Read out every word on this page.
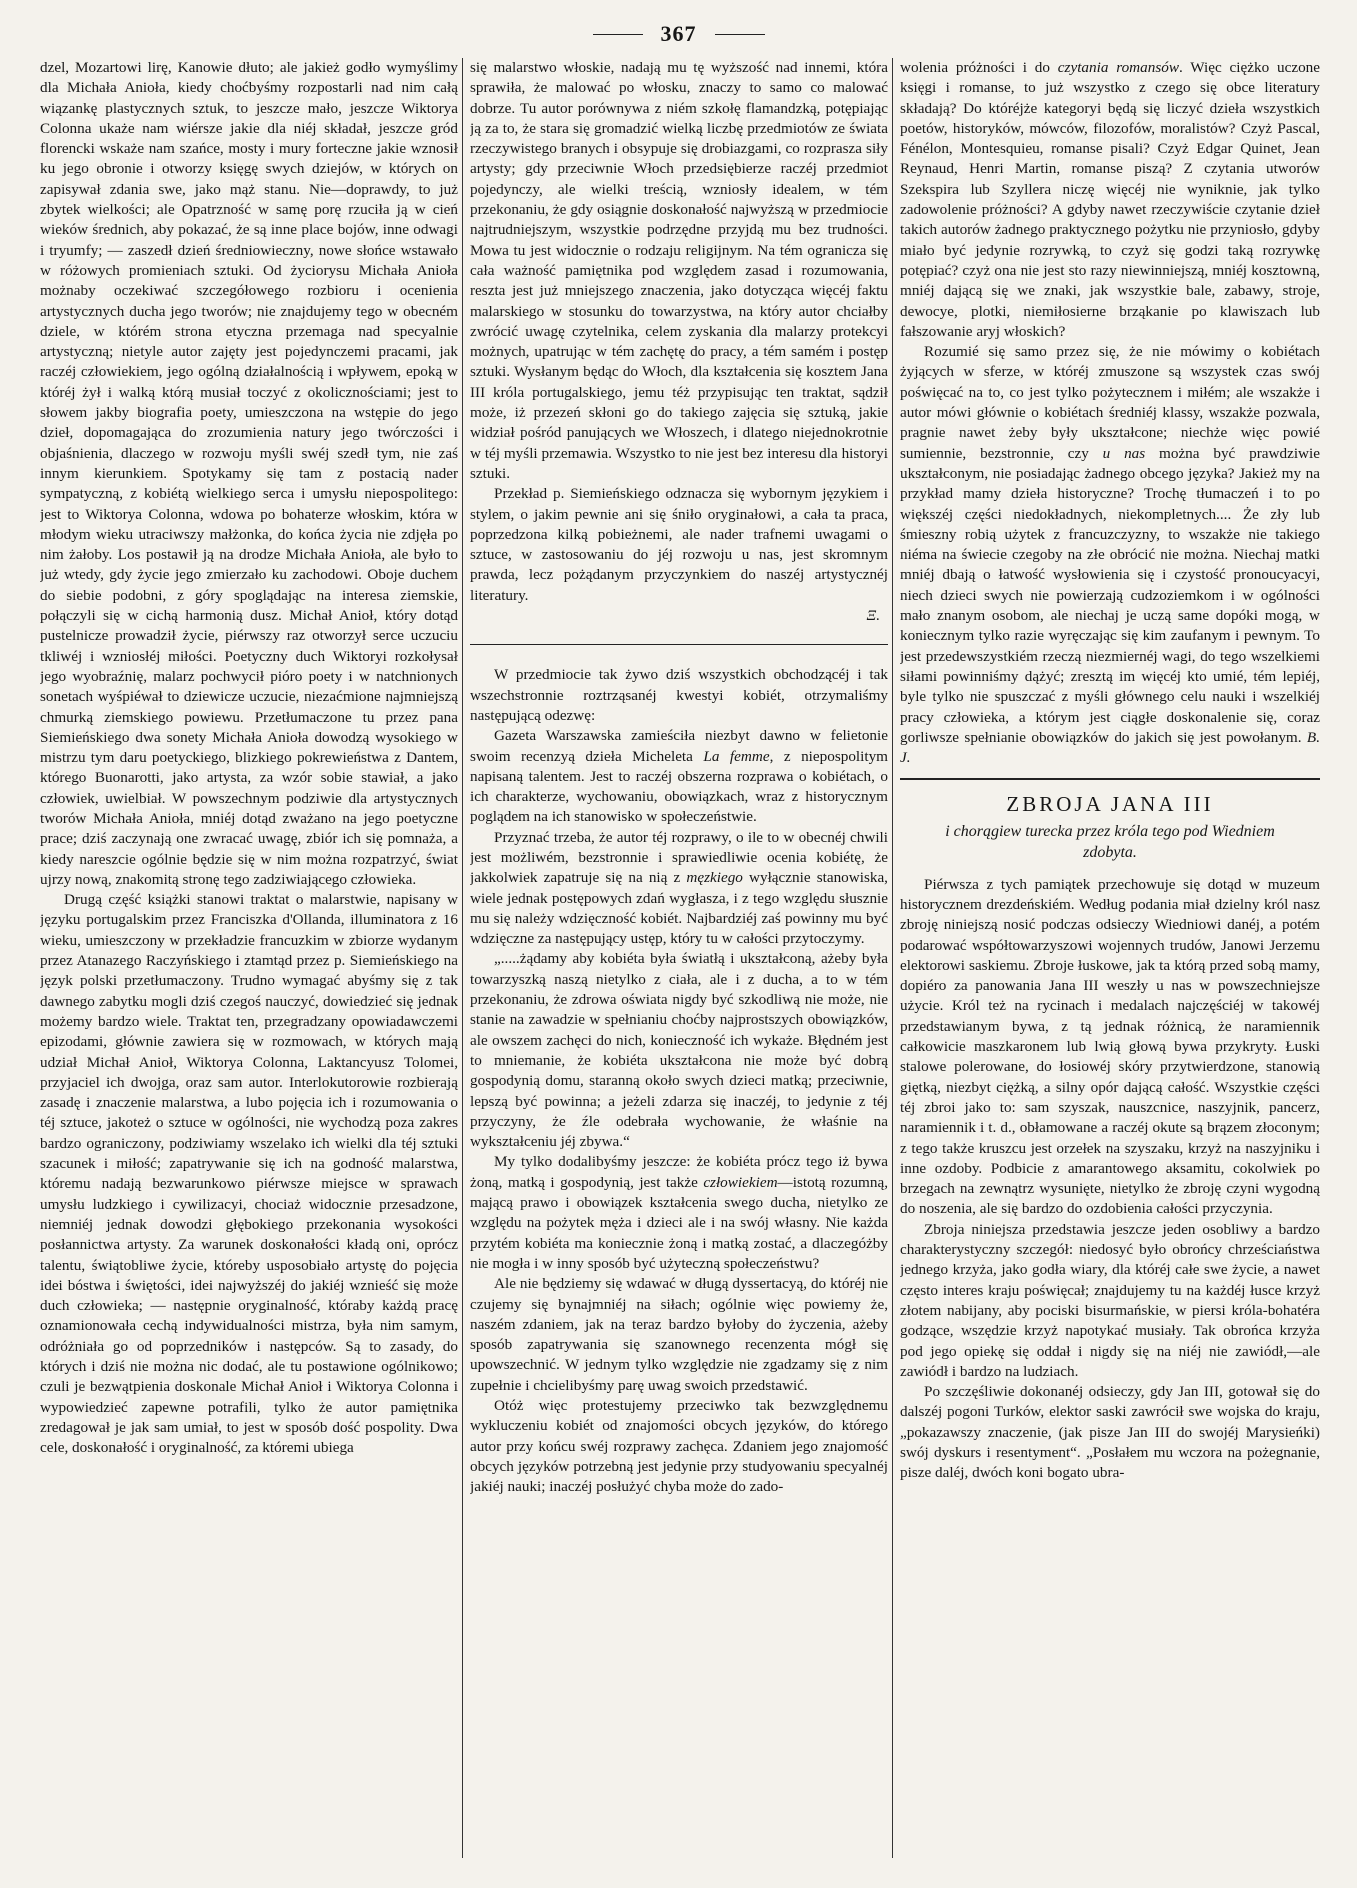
367

dzel, Mozartowi lirę, Kanowie dłuto; ale jakież godło wymyślimy dla Michała Anioła, kiedy choćbyśmy rozpostarli nad nim całą wiązankę plastycznych sztuk, to jeszcze mało, jeszcze Wiktorya Colonna ukaże nam wiérsze jakie dla niéj składał, jeszcze gród florencki wskaże nam szańce, mosty i mury forteczne jakie wznosił ku jego obronie i otworzy księgę swych dziejów, w których on zapisywał zdania swe, jako mąż stanu. Nie—doprawdy, to już zbytek wielkości; ale Opatrzność w samę porę rzuciła ją w cień wieków średnich, aby pokazać, że są inne place bojów, inne odwagi i tryumfy; — zaszedł dzień średniowieczny, nowe słońce wstawało w różowych promieniach sztuki. Od życiorysu Michała Anioła możnaby oczekiwać szczegółowego rozbioru i ocenienia artystycznych ducha jego tworów; nie znajdujemy tego w obecném dziele, w którém strona etyczna przemaga nad specyalnie artystyczną; nietyle autor zajęty jest pojedynczemi pracami, jak raczéj człowiekiem, jego ogólną działalnością i wpływem, epoką w któréj żył i walką którą musiał toczyć z okolicznościami; jest to słowem jakby biografia poety, umieszczona na wstępie do jego dzieł, dopomagająca do zrozumienia natury jego twórczości i objaśnienia, dlaczego w rozwoju myśli swéj szedł tym, nie zaś innym kierunkiem. Spotykamy się tam z postacią nader sympatyczną, z kobiétą wielkiego serca i umysłu niepospolitego: jest to Wiktorya Colonna, wdowa po bohaterze włoskim, która w młodym wieku utraciwszy małżonka, do końca życia nie zdjęła po nim żałoby. Los postawił ją na drodze Michała Anioła, ale było to już wtedy, gdy życie jego zmierzało ku zachodowi. Oboje duchem do siebie podobni, z góry spoglądając na interesa ziemskie, połączyli się w cichą harmonią dusz. Michał Anioł, który dotąd pustelnicze prowadził życie, piérwszy raz otworzył serce uczuciu tkliwéj i wzniosłéj miłości. Poetyczny duch Wiktoryi rozkołysał jego wyobraźnię, malarz pochwycił pióro poety i w natchnionych sonetach wyśpiéwał to dziewicze uczucie, niezaćmione najmniejszą chmurką ziemskiego powiewu. Przetłumaczone tu przez pana Siemieńskiego dwa sonety Michała Anioła dowodzą wysokiego w mistrzu tym daru poetyckiego, blizkiego pokrewieństwa z Dantem, którego Buonarotti, jako artysta, za wzór sobie stawiał, a jako człowiek, uwielbiał. W powszechnym podziwie dla artystycznych tworów Michała Anioła, mniéj dotąd zważano na jego poetyczne prace; dziś zaczynają one zwracać uwagę, zbiór ich się pomnaża, a kiedy nareszcie ogólnie będzie się w nim można rozpatrzyć, świat ujrzy nową, znakomitą stronę tego zadziwiającego człowieka.

Drugą część książki stanowi traktat o malarstwie, napisany w języku portugalskim przez Franciszka d'Ollanda, illuminatora z 16 wieku, umieszczony w przekładzie francuzkim w zbiorze wydanym przez Atanazego Raczyńskiego i ztamtąd przez p. Siemieńskiego na język polski przetłumaczony. Trudno wymagać abyśmy się z tak dawnego zabytku mogli dziś czegoś nauczyć, dowiedzieć się jednak możemy bardzo wiele. Traktat ten, przegradzany opowiadawczemi epizodami, głównie zawiera się w rozmowach, w których mają udział Michał Anioł, Wiktorya Colonna, Laktancyusz Tolomei, przyjaciel ich dwojga, oraz sam autor. Interlokutorowie rozbierają zasadę i znaczenie malarstwa, a lubo pojęcia ich i rozumowania o téj sztuce, jakoteż o sztuce w ogólności, nie wychodzą poza zakres bardzo ograniczony, podziwiamy wszelako ich wielki dla téj sztuki szacunek i miłość; zapatrywanie się ich na godność malarstwa, któremu nadają bezwarunkowo piérwsze miejsce w sprawach umysłu ludzkiego i cywilizacyi, chociaż widocznie przesadzone, niemniéj jednak dowodzi głębokiego przekonania wysokości posłannictwa artysty. Za warunek doskonałości kładą oni, oprócz talentu, świątobliwe życie, któreby usposobiało artystę do pojęcia idei bóstwa i świętości, idei najwyższéj do jakiéj wznieść się może duch człowieka; — następnie oryginalność, któraby każdą pracę oznamionowała cechą indywidualności mistrza, była nim samym, odróżniała go od poprzedników i następców. Są to zasady, do których i dziś nie można nic dodać, ale tu postawione ogólnikowo; czuli je bezwątpienia doskonale Michał Anioł i Wiktorya Colonna i wypowiedzieć zapewne potrafili, tylko że autor pamiętnika zredagował je jak sam umiał, to jest w sposób dość pospolity. Dwa cele, doskonałość i oryginalność, za któremi ubiega

się malarstwo włoskie, nadają mu tę wyższość nad innemi, która sprawiła, że malować po włosku, znaczy to samo co malować dobrze. Tu autor porównywa z niém szkołę flamandzką, potępiając ją za to, że stara się gromadzić wielką liczbę przedmiotów ze świata rzeczywistego branych i obsypuje się drobiazgami, co rozprasza siły artysty; gdy przeciwnie Włoch przedsiębierze raczéj przedmiot pojedynczy, ale wielki treścią, wzniosły idealem, w tém przekonaniu, że gdy osiągnie doskonałość najwyższą w przedmiocie najtrudniejszym, wszystkie podrzędne przyjdą mu bez trudności. Mowa tu jest widocznie o rodzaju religijnym. Na tém ogranicza się cała ważność pamiętnika pod względem zasad i rozumowania, reszta jest już mniejszego znaczenia, jako dotycząca więcéj faktu malarskiego w stosunku do towarzystwa, na który autor chciałby zwrócić uwagę czytelnika, celem zyskania dla malarzy protekcyi możnych, upatrując w tém zachętę do pracy, a tém samém i postęp sztuki. Wysłanym będąc do Włoch, dla kształcenia się kosztem Jana III króla portugalskiego, jemu téż przypisując ten traktat, sądził może, iż przezeń skłoni go do takiego zajęcia się sztuką, jakie widział pośród panujących we Włoszech, i dlatego niejednokrotnie w téj myśli przemawia. Wszystko to nie jest bez interesu dla historyi sztuki.

Przekład p. Siemieńskiego odznacza się wybornym językiem i stylem, o jakim pewnie ani się śniło oryginałowi, a cała ta praca, poprzedzona kilką pobieżnemi, ale nader trafnemi uwagami o sztuce, w zastosowaniu do jéj rozwoju u nas, jest skromnym prawda, lecz pożądanym przyczynkiem do naszéj artystycznéj literatury.

Ξ.

W przedmiocie tak żywo dziś wszystkich obchodzącéj i tak wszechstronnie roztrząsanéj kwestyi kobiét, otrzymaliśmy następującą odezwę:

Gazeta Warszawska zamieściła niezbyt dawno w felietonie swoim recenzyą dzieła Micheleta La femme, z niepospolitym napisaną talentem. Jest to raczéj obszerna rozprawa o kobiétach, o ich charakterze, wychowaniu, obowiązkach, wraz z historycznym poglądem na ich stanowisko w społeczeństwie.

Przyznać trzeba, że autor téj rozprawy, o ile to w obecnéj chwili jest możliwém, bezstronnie i sprawiedliwie ocenia kobiétę, że jakkolwiek zapatruje się na nią z męzkiego wyłącznie stanowiska, wiele jednak postępowych zdań wygłasza, i z tego względu słusznie mu się należy wdzięczność kobiét. Najbardziéj zaś powinny mu być wdzięczne za następujący ustęp, który tu w całości przytoczymy.

„.....żądamy aby kobiéta była światłą i ukształconą, ażeby była towarzyszką naszą nietylko z ciała, ale i z ducha, a to w tém przekonaniu, że zdrowa oświata nigdy być szkodliwą nie może, nie stanie na zawadzie w spełnianiu choćby najprostszych obowiązków, ale owszem zachęci do nich, konieczność ich wykaże. Błędném jest to mniemanie, że kobiéta ukształcona nie może być dobrą gospodynią domu, staranną około swych dzieci matką; przeciwnie, lepszą być powinna; a jeżeli zdarza się inaczéj, to jedynie z téj przyczyny, że źle odebrała wychowanie, że właśnie na wykształceniu jéj zbywa.“

My tylko dodalibyśmy jeszcze: że kobiéta prócz tego iż bywa żoną, matką i gospodynią, jest także człowiekiem—istotą rozumną, mającą prawo i obowiązek kształcenia swego ducha, nietylko ze względu na pożytek męża i dzieci ale i na swój własny. Nie każda przytém kobiéta ma koniecznie żoną i matką zostać, a dlaczegóżby nie mogła i w inny sposób być użyteczną społeczeństwu?

Ale nie będziemy się wdawać w długą dyssertacyą, do któréj nie czujemy się bynajmniéj na siłach; ogólnie więc powiemy że, naszém zdaniem, jak na teraz bardzo byłoby do życzenia, ażeby sposób zapatrywania się szanownego recenzenta mógł się upowszechnić. W jednym tylko względzie nie zgadzamy się z nim zupełnie i chcielibyśmy parę uwag swoich przedstawić.

Otóż więc protestujemy przeciwko tak bezwzględnemu wykluczeniu kobiét od znajomości obcych języków, do którego autor przy końcu swéj rozprawy zachęca. Zdaniem jego znajomość obcych języków potrzebną jest jedynie przy studyowaniu specyalnéj jakiéj nauki; inaczéj posłużyć chyba może do zado-

wolenia próżności i do czytania romansów. Więc ciężko uczone księgi i romanse, to już wszystko z czego się obce literatury składają? Do któréjże kategoryi będą się liczyć dzieła wszystkich poetów, historyków, mówców, filozofów, moralistów? Czyż Pascal, Fénélon, Montesquieu, romanse pisali? Czyż Edgar Quinet, Jean Reynaud, Henri Martin, romanse piszą? Z czytania utworów Szekspira lub Szyllera niczę więcéj nie wyniknie, jak tylko zadowolenie próżności? A gdyby nawet rzeczywiście czytanie dzieł takich autorów żadnego praktycznego pożytku nie przyniosło, gdyby miało być jedynie rozrywką, to czyż się godzi taką rozrywkę potępiać? czyż ona nie jest sto razy niewinniejszą, mniéj kosztowną, mniéj dającą się we znaki, jak wszystkie bale, zabawy, stroje, dewocye, plotki, niemiłosierne brząkanie po klawiszach lub fałszowanie aryj włoskich?

Rozumié się samo przez się, że nie mówimy o kobiétach żyjących w sferze, w któréj zmuszone są wszystek czas swój poświęcać na to, co jest tylko pożytecznem i miłém; ale wszakże i autor mówi głównie o kobiétach średniéj klassy, wszakże pozwala, pragnie nawet żeby były ukształcone; niechże więc powié sumiennie, bezstronnie, czy u nas można być prawdziwie ukształconym, nie posiadając żadnego obcego języka? Jakież my na przykład mamy dzieła historyczne? Trochę tłumaczeń i to po większéj części niedokładnych, niekompletnych.... Że zły lub śmieszny robią użytek z francuzczyzny, to wszakże nie takiego niéma na świecie czegoby na złe obrócić nie można. Niechaj matki mniéj dbają o łatwość wysłowienia się i czystość pronoucyacyi, niech dzieci swych nie powierzają cudzoziemkom i w ogólności mało znanym osobom, ale niechaj je uczą same dopóki mogą, w koniecznym tylko razie wyręczając się kim zaufanym i pewnym. To jest przedewszystkiém rzeczą niezmiernéj wagi, do tego wszelkiemi siłami powinniśmy dążyć; zresztą im więcéj kto umié, tém lepiéj, byle tylko nie spuszczać z myśli głównego celu nauki i wszelkiéj pracy człowieka, a którym jest ciągłe doskonalenie się, coraz gorliwsze spełnianie obowiązków do jakich się jest powołanym. B. J.

ZBROJA JANA III
i chorągiew turecka przez króla tego pod Wiedniem zdobyta.

Piérwsza z tych pamiątek przechowuje się dotąd w muzeum historycznem drezdeńskiém. Według podania miał dzielny król nasz zbroję niniejszą nosić podczas odsieczy Wiedniowi danéj, a potém podarować współtowarzyszowi wojennych trudów, Janowi Jerzemu elektorowi saskiemu. Zbroje łuskowe, jak ta którą przed sobą mamy, dopiéro za panowania Jana III weszły u nas w powszechniejsze użycie. Król też na rycinach i medalach najczęściéj w takowéj przedstawianym bywa, z tą jednak różnicą, że naramiennik całkowicie maszkaronem lub lwią głową bywa przykryty. Łuski stalowe polerowane, do łosiowéj skóry przytwierdzone, stanowią giętką, niezbyt ciężką, a silny opór dającą całość. Wszystkie części téj zbroi jako to: sam szyszak, nauszcnice, naszyjnik, pancerz, naramiennik i t. d., obłamowane a raczéj okute są brązem złoconym; z tego także kruszcu jest orzełek na szyszaku, krzyż na naszyjniku i inne ozdoby. Podbicie z amarantowego aksamitu, cokolwiek po brzegach na zewnątrz wysunięte, nietylko że zbroję czyni wygodną do noszenia, ale się bardzo do ozdobienia całości przyczynia.

Zbroja niniejsza przedstawia jeszcze jeden osobliwy a bardzo charakterystyczny szczegół: niedosyć było obrońcy chrześciaństwa jednego krzyża, jako godła wiary, dla któréj całe swe życie, a nawet często interes kraju poświęcał; znajdujemy tu na każdéj łusce krzyż złotem nabijany, aby pociski bisurmańskie, w piersi króla-bohatéra godzące, wszędzie krzyż napotykać musiały. Tak obrońca krzyża pod jego opiekę się oddał i nigdy się na niéj nie zawiódł,—ale zawiódł i bardzo na ludziach.

Po szczęśliwie dokonanéj odsieczy, gdy Jan III, gotował się do dalszéj pogoni Turków, elektor saski zawrócił swe wojska do kraju, „pokazawszy znaczenie, (jak pisze Jan III do swojéj Marysieńki) swój dyskurs i resentyment“. „Posłałem mu wczora na pożegnanie, pisze daléj, dwóch koni bogato ubra-
